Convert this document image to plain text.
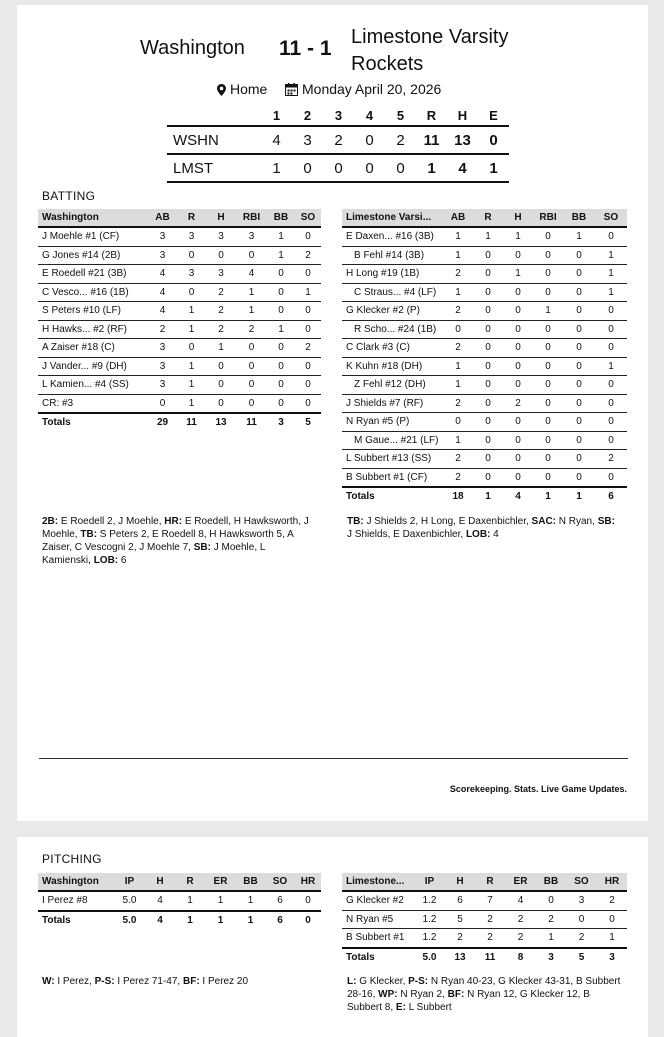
Washington 11 - 1 Limestone Varsity Rockets
Home	Monday April 20, 2026
	1	2	3	4	5	R	H	E
WSHN	4	3	2	0	2	11	13	0
LMST	1	0	0	0	0	1	4	1
BATTING
Washington	AB	R	H	RBI	BB	SO
J Moehle #1 (CF)	3	3	3	3	1	0
G Jones #14 (2B)	3	0	0	0	1	2
E Roedell #21 (3B)	4	3	3	4	0	0
C Vesco... #16 (1B)	4	0	2	1	0	1
S Peters #10 (LF)	4	1	2	1	0	0
H Hawks... #2 (RF)	2	1	2	2	1	0
A Zaiser #18 (C)	3	0	1	0	0	2
J Vander... #9 (DH)	3	1	0	0	0	0
L Kamien... #4 (SS)	3	1	0	0	0	0
CR: #3	0	1	0	0	0	0
Totals	29	11	13	11	3	5
Limestone Varsi...	AB	R	H	RBI	BB	SO
E Daxen... #16 (3B)	1	1	1	0	1	0
B Fehl #14 (3B)	1	0	0	0	0	1
H Long #19 (1B)	2	0	1	0	0	1
C Straus... #4 (LF)	1	0	0	0	0	1
G Klecker #2 (P)	2	0	0	1	0	0
R Scho... #24 (1B)	0	0	0	0	0	0
C Clark #3 (C)	2	0	0	0	0	0
K Kuhn #18 (DH)	1	0	0	0	0	1
Z Fehl #12 (DH)	1	0	0	0	0	0
J Shields #7 (RF)	2	0	2	0	0	0
N Ryan #5 (P)	0	0	0	0	0	0
M Gaue... #21 (LF)	1	0	0	0	0	0
L Subbert #13 (SS)	2	0	0	0	0	2
B Subbert #1 (CF)	2	0	0	0	0	0
Totals	18	1	4	1	1	6
2B: E Roedell 2, J Moehle, HR: E Roedell, H Hawksworth, J Moehle, TB: S Peters 2, E Roedell 8, H Hawksworth 5, A Zaiser, C Vescogni 2, J Moehle 7, SB: J Moehle, L Kamienski, LOB: 6
TB: J Shields 2, H Long, E Daxenbichler, SAC: N Ryan, SB: J Shields, E Daxenbichler, LOB: 4
Scorekeeping. Stats. Live Game Updates.
PITCHING
Washington	IP	H	R	ER	BB	SO	HR
I Perez #8	5.0	4	1	1	1	6	0
Totals	5.0	4	1	1	1	6	0
Limestone...	IP	H	R	ER	BB	SO	HR
G Klecker #2	1.2	6	7	4	0	3	2
N Ryan #5	1.2	5	2	2	2	0	0
B Subbert #1	1.2	2	2	2	1	2	1
Totals	5.0	13	11	8	3	5	3
W: I Perez, P-S: I Perez 71-47, BF: I Perez 20	L: G Klecker, P-S: N Ryan 40-23, G Klecker 43-31, B Subbert 28-16, WP: N Ryan 2, BF: N Ryan 12, G Klecker 12, B Subbert 8, E: L Subbert
